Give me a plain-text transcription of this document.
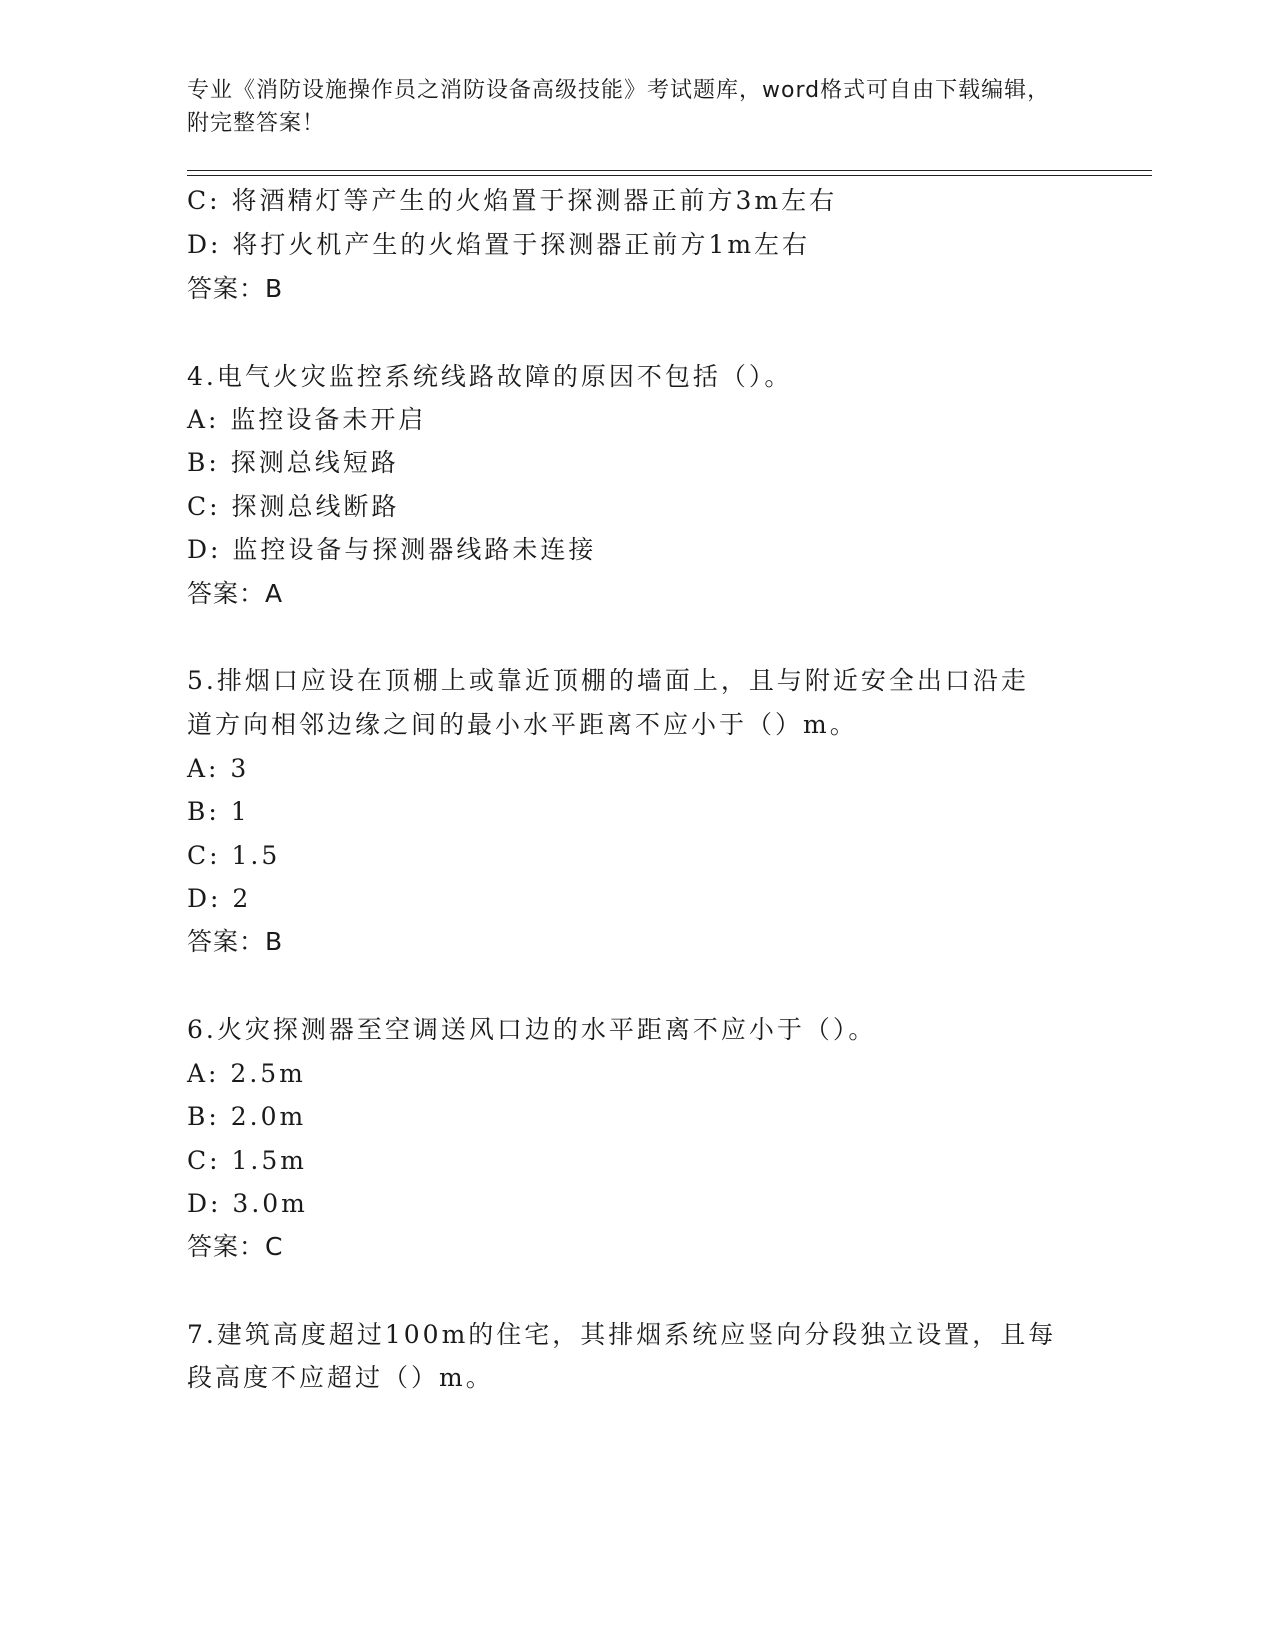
专业《消防设施操作员之消防设备高级技能》考试题库，word格式可自由下载编辑，附完整答案！
C: 将酒精灯等产生的火焰置于探测器正前方3m左右
D: 将打火机产生的火焰置于探测器正前方1m左右
答案：B
4.电气火灾监控系统线路故障的原因不包括（）。
A: 监控设备未开启
B: 探测总线短路
C: 探测总线断路
D: 监控设备与探测器线路未连接
答案：A
5.排烟口应设在顶棚上或靠近顶棚的墙面上，且与附近安全出口沿走
道方向相邻边缘之间的最小水平距离不应小于（）m。
A: 3
B: 1
C: 1.5
D: 2
答案：B
6.火灾探测器至空调送风口边的水平距离不应小于（）。
A: 2.5m
B: 2.0m
C: 1.5m
D: 3.0m
答案：C
7.建筑高度超过100m的住宅，其排烟系统应竖向分段独立设置，且每
段高度不应超过（）m。
